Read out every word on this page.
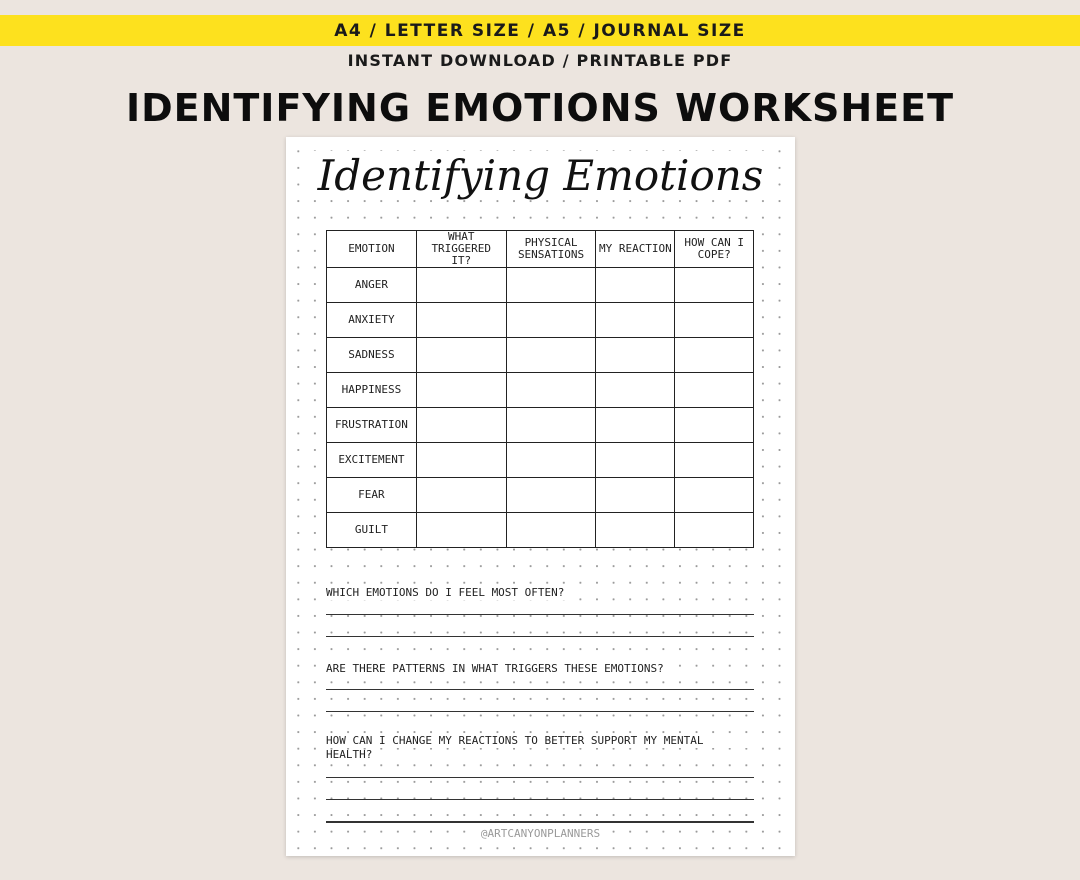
A4 / LETTER SIZE / A5 / JOURNAL SIZE
INSTANT DOWNLOAD / PRINTABLE PDF
IDENTIFYING EMOTIONS WORKSHEET
Identifying Emotions
EMOTION	WHAT TRIGGERED IT?	PHYSICAL SENSATIONS	MY REACTION	HOW CAN I COPE?
ANGER				
ANXIETY				
SADNESS				
HAPPINESS				
FRUSTRATION				
EXCITEMENT				
FEAR				
GUILT				
WHICH EMOTIONS DO I FEEL MOST OFTEN?
ARE THERE PATTERNS IN WHAT TRIGGERS THESE EMOTIONS?
HOW CAN I CHANGE MY REACTIONS TO BETTER SUPPORT MY MENTAL HEALTH?
@ARTCANYONPLANNERS
